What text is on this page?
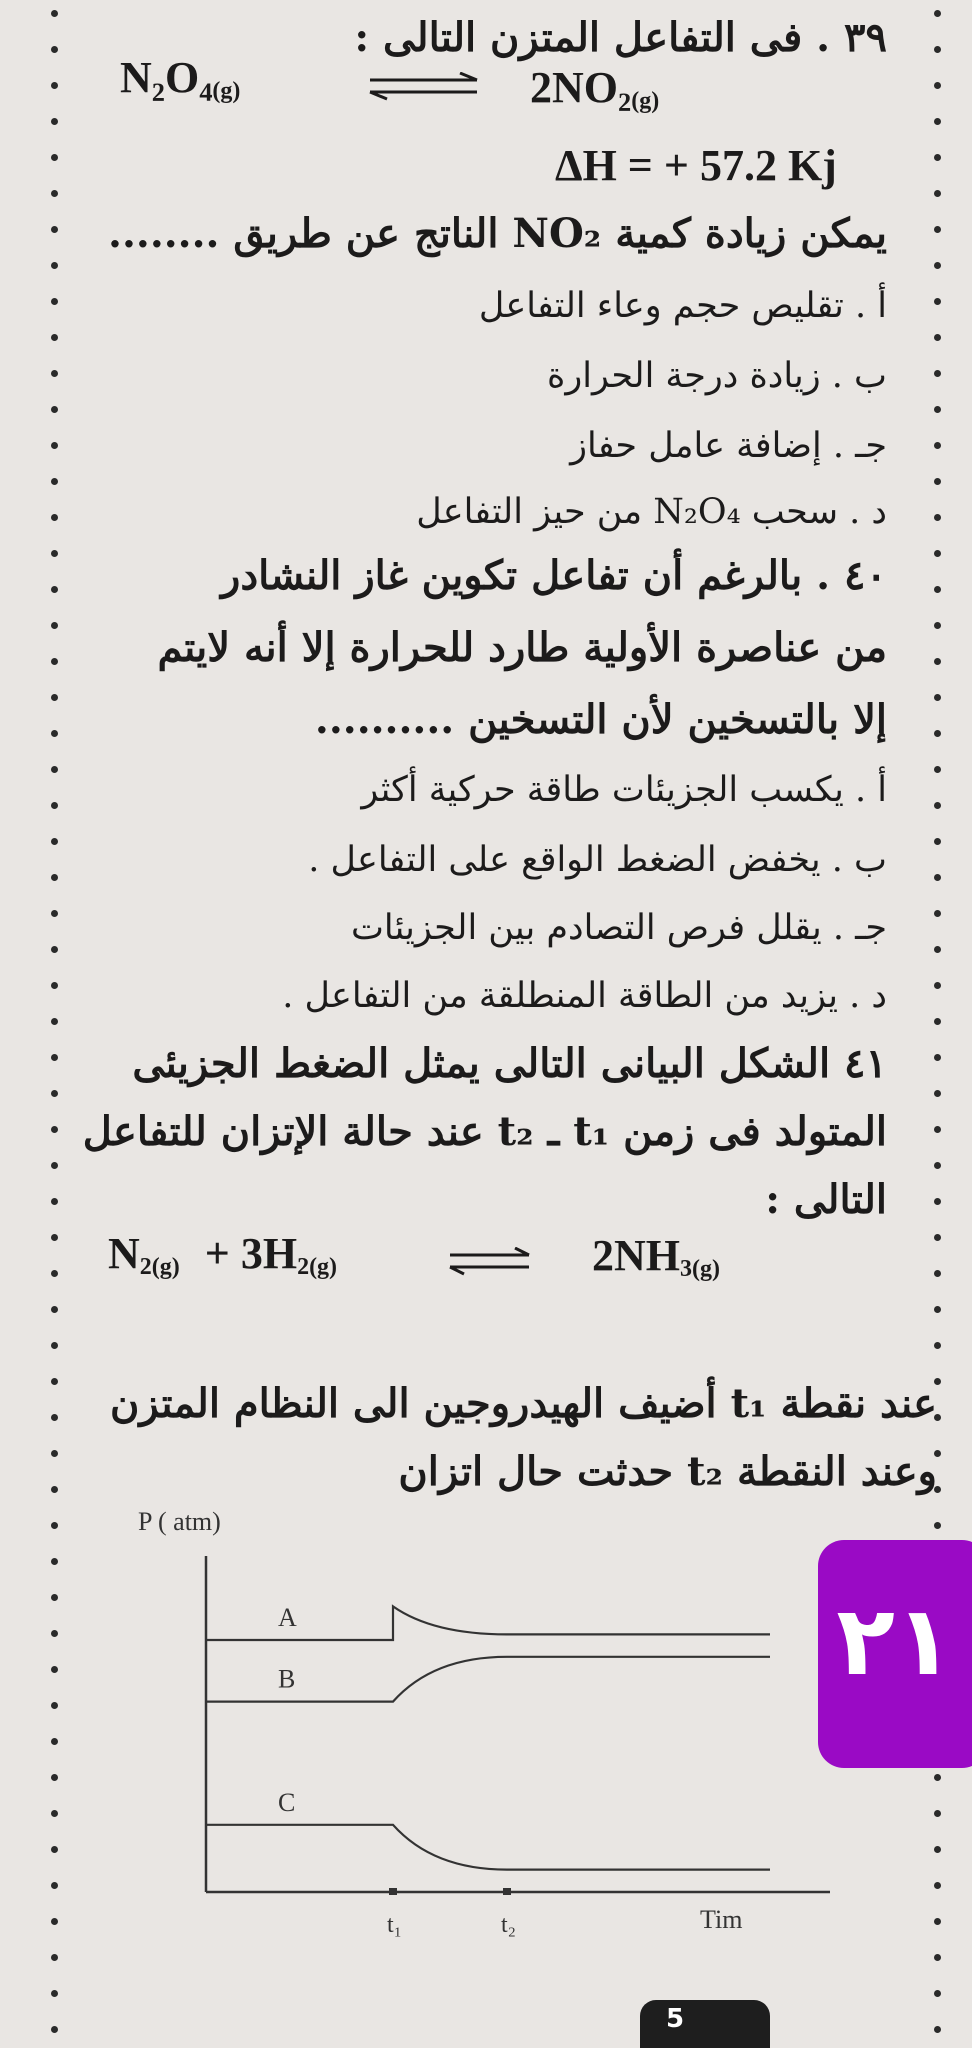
٣٩ . فى التفاعل المتزن التالى :
$N_2O_4_{(g)}$	$2NO_2_{(g)}$
ΔH = + 57.2 Kj
يمكن زيادة كمية NO₂ الناتج عن طريق ........
أ . تقليص حجم وعاء التفاعل
ب . زيادة درجة الحرارة
جـ . إضافة عامل حفاز
د . سحب N₂O₄ من حيز التفاعل
٤٠ . بالرغم أن تفاعل تكوين غاز النشادر
من عناصرة الأولية طارد للحرارة إلا أنه لايتم
إلا بالتسخين لأن التسخين ..........
أ . يكسب الجزيئات طاقة حركية أكثر
ب . يخفض الضغط الواقع على التفاعل .
جـ . يقلل فرص التصادم بين الجزيئات
د . يزيد من الطاقة المنطلقة من التفاعل .
٤١ الشكل البيانى التالى يمثل الضغط الجزيئى
المتولد فى زمن t₁ ـ t₂ عند حالة الإتزان للتفاعل
التالى :
$N_{2(g)} + 3H_{2(g)}$	$2NH_{3(g)}$
عند نقطة t₁ أضيف الهيدروجين الى النظام المتزن
وعند النقطة t₂ حدثت حال اتزان
P ( atm)
Tim
A
B
C
t₁	t₂
٢١
5
